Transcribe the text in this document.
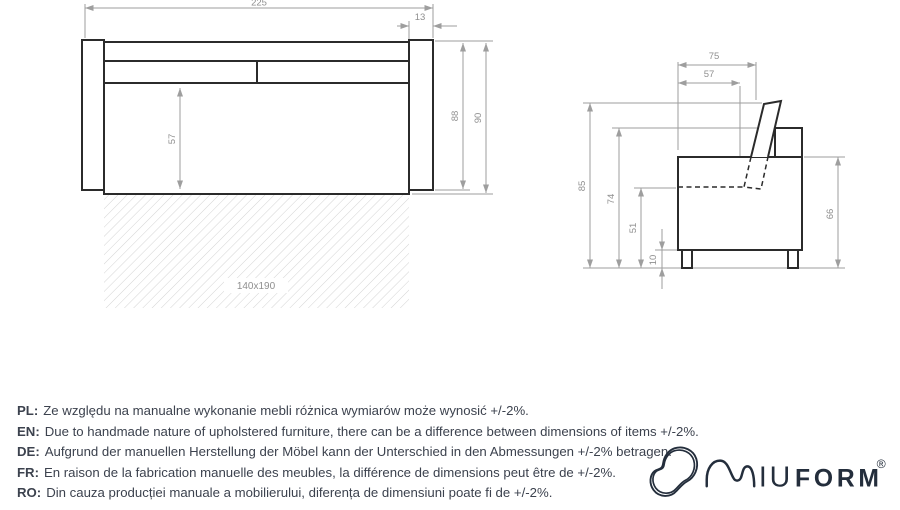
140x190
225
13
57
88 90
75
57
85
74
51
10
66
PL: Ze względu na manualne wykonanie mebli różnica wymiarów może wynosić +/-2%.
EN: Due to handmade nature of upholstered furniture, there can be a difference between dimensions of items +/-2%.
DE: Aufgrund der manuellen Herstellung der Möbel kann der Unterschied in den Abmessungen +/-2% betragen.
FR: En raison de la fabrication manuelle des meubles, la différence de dimensions peut être de +/-2%.
RO: Din cauza producției manuale a mobilierului, diferența de dimensiuni poate fi de +/-2%.	IU FORM
®
